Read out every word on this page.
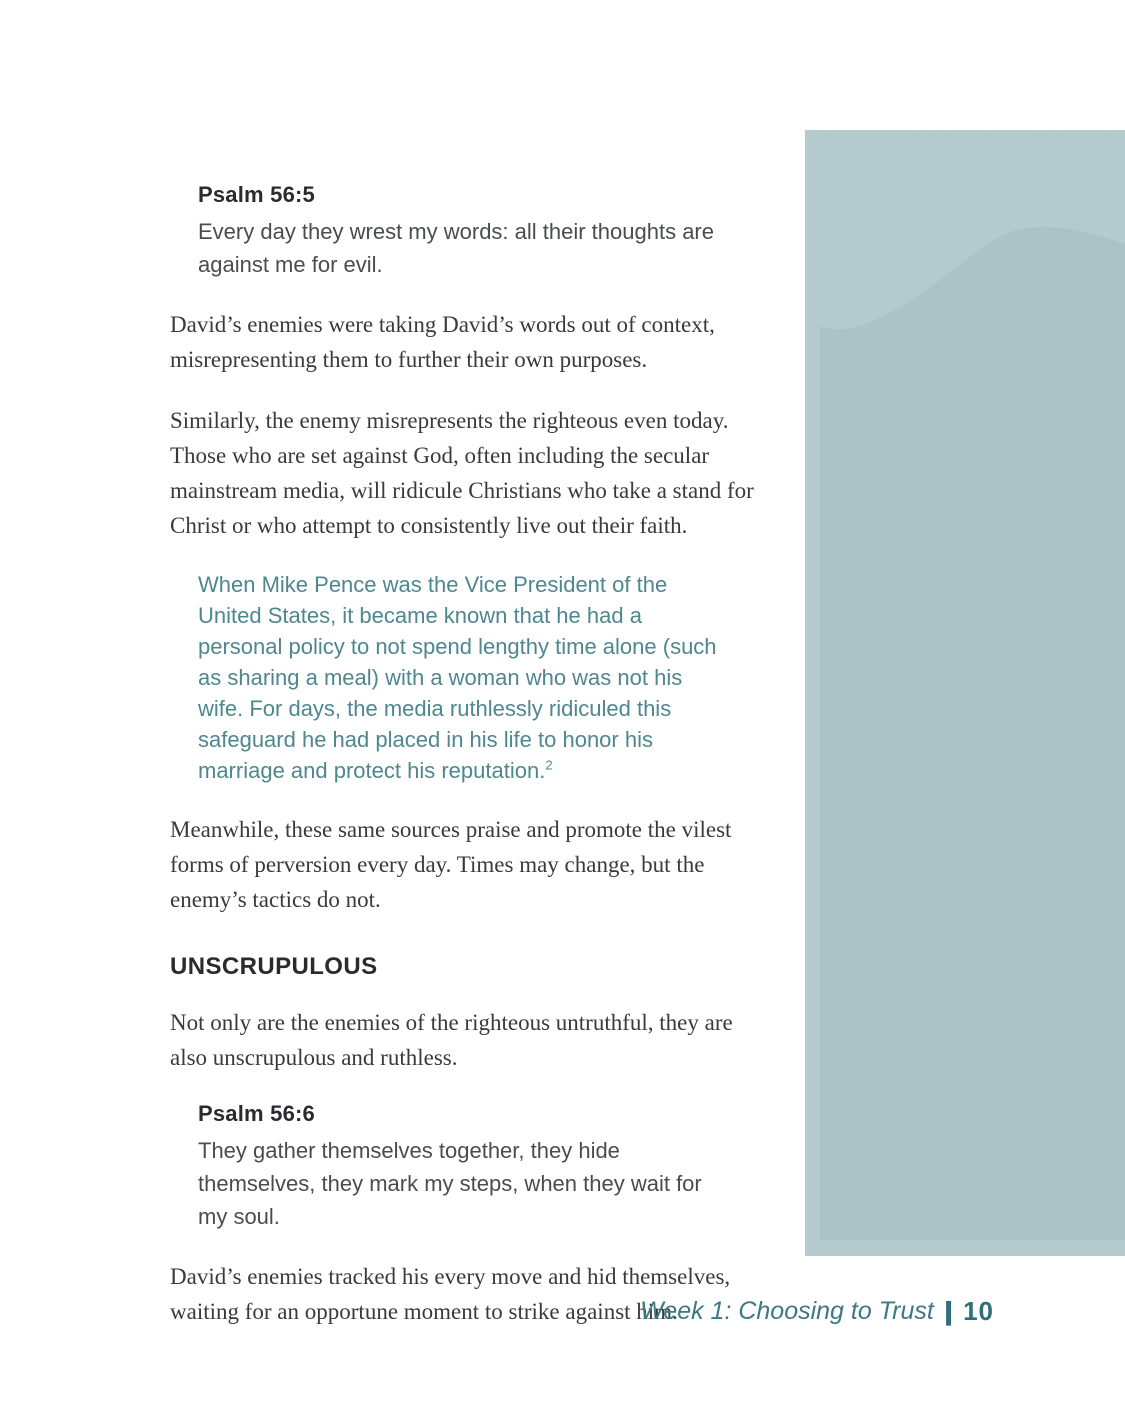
Psalm 56:5

Every day they wrest my words: all their thoughts are against me for evil.

David’s enemies were taking David’s words out of context, misrepresenting them to further their own purposes.

Similarly, the enemy misrepresents the righteous even today. Those who are set against God, often including the secular mainstream media, will ridicule Christians who take a stand for Christ or who attempt to consistently live out their faith.

When Mike Pence was the Vice President of the United States, it became known that he had a personal policy to not spend lengthy time alone (such as sharing a meal) with a woman who was not his wife. For days, the media ruthlessly ridiculed this safeguard he had placed in his life to honor his marriage and protect his reputation.$^2$

Meanwhile, these same sources praise and promote the vilest forms of perversion every day. Times may change, but the enemy’s tactics do not.

UNSCRUPULOUS

Not only are the enemies of the righteous untruthful, they are also unscrupulous and ruthless.

Psalm 56:6

They gather themselves together, they hide themselves, they mark my steps, when they wait for my soul.

David’s enemies tracked his every move and hid themselves, waiting for an opportune moment to strike against him.

Week 1: Choosing to Trust | 10
